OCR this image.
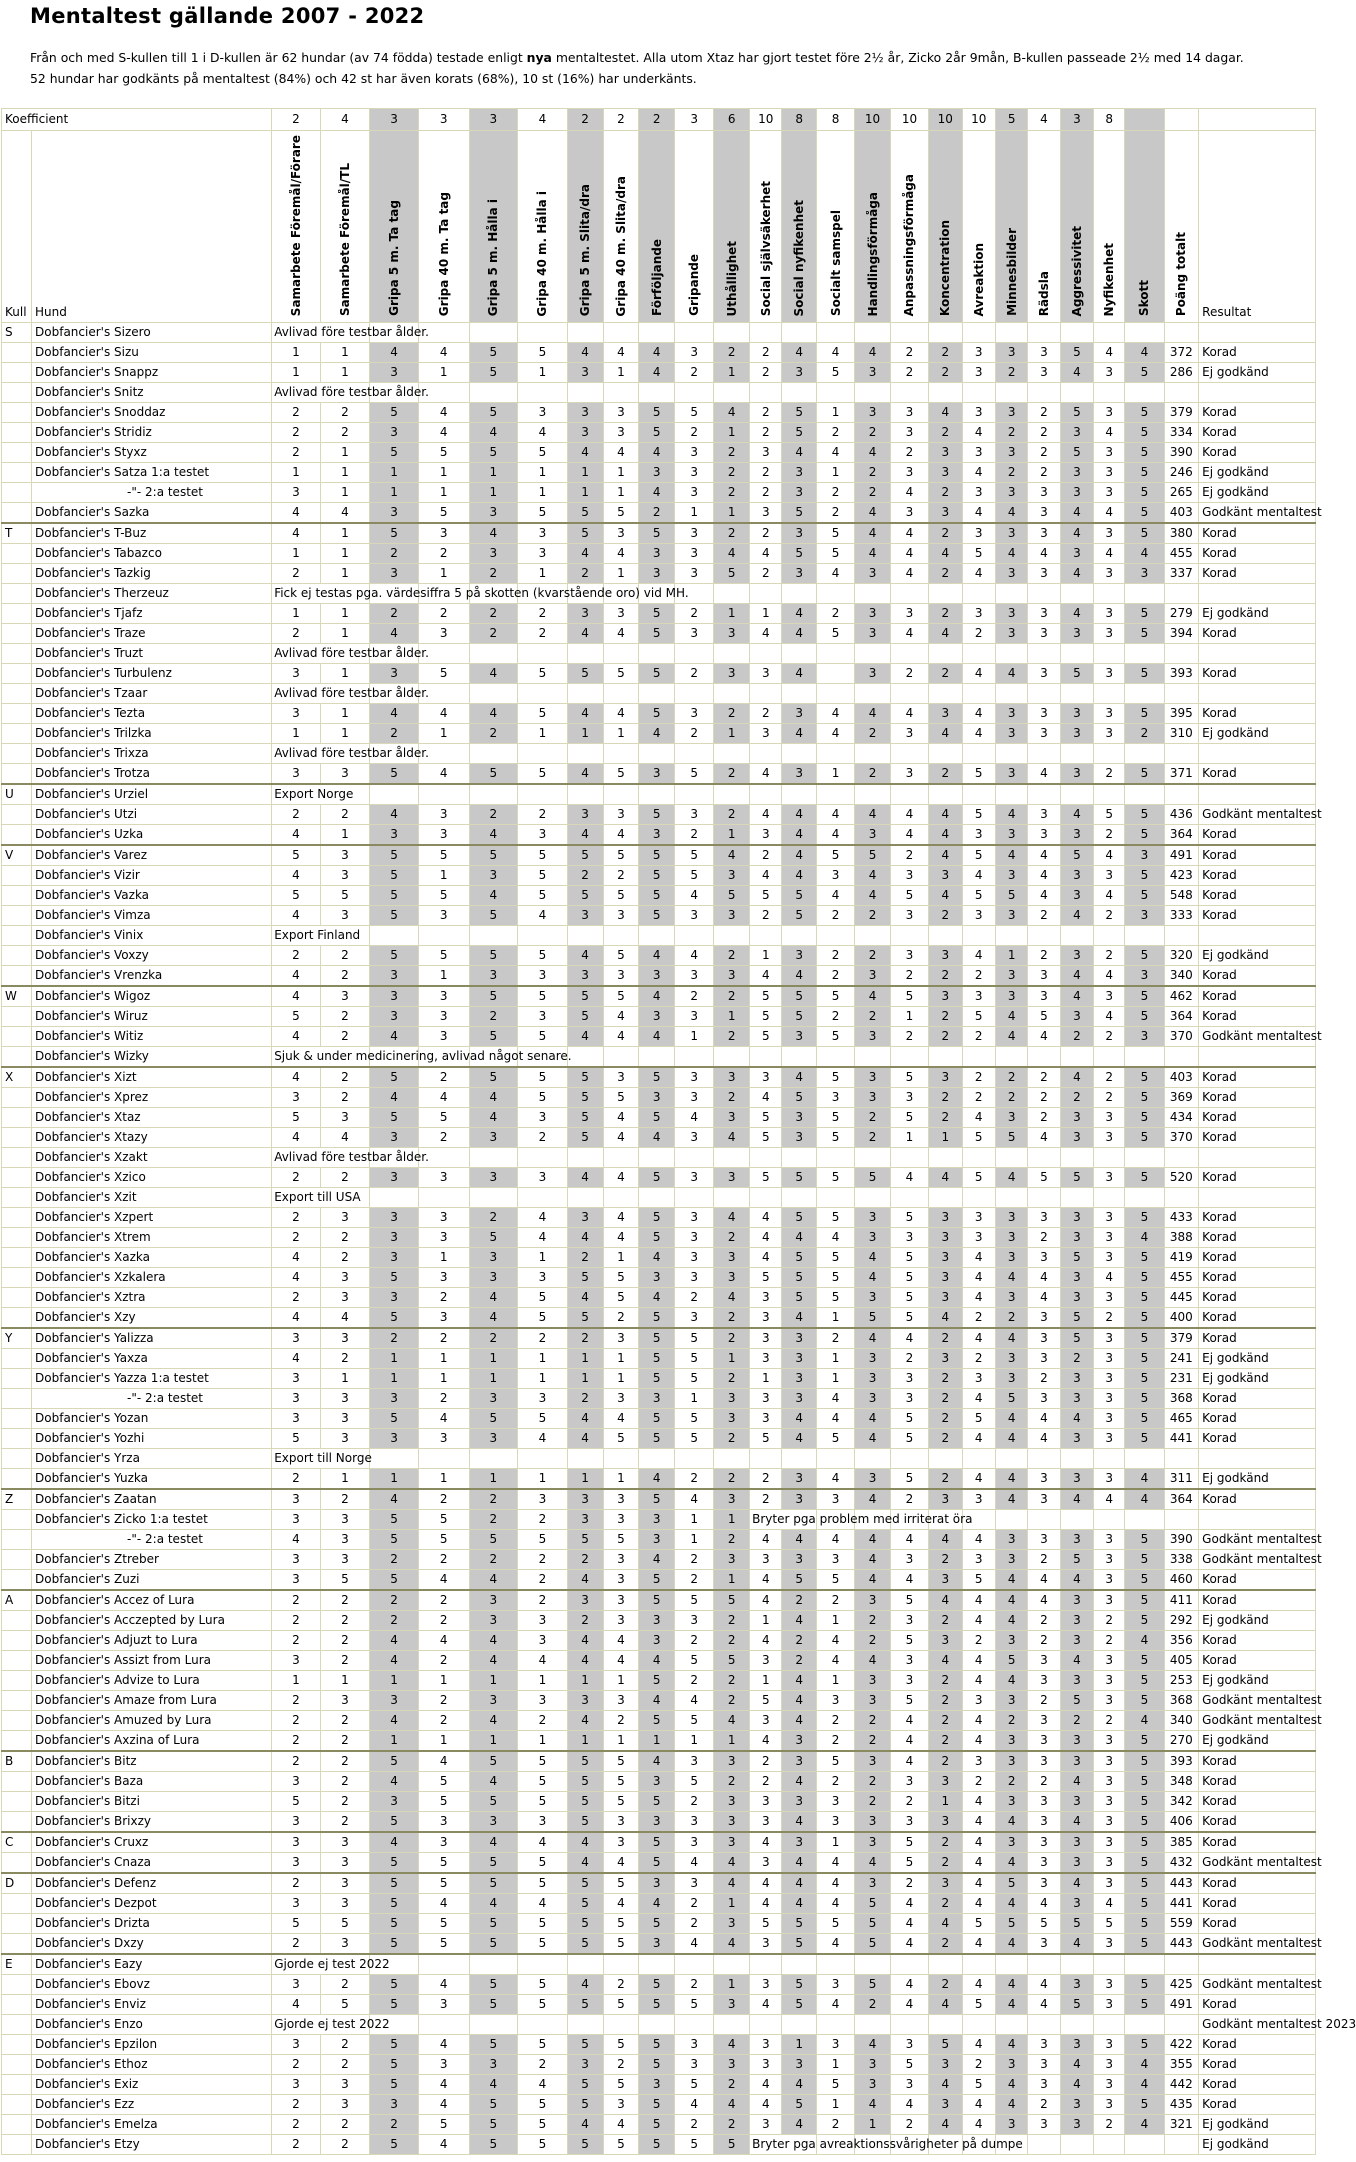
Mentaltest gällande 2007 - 2022
Från och med S-kullen till 1 i D-kullen är 62 hundar (av 74 födda) testade enligt nya mentaltestet. Alla utom Xtaz har gjort testet före 2½ år, Zicko 2år 9mån, B-kullen passeade 2½ med 14 dagar.
52 hundar har godkänts på mentaltest (84%) och 42 st har även korats (68%), 10 st (16%) har underkänts.
Koefficient		2	4	3	3	3	4	2	2	2	3	6	10	8	8	10	10	10	10	5	4	3	8			
Kull	Hund	Samarbete Föremål/Förare	Samarbete Föremål/TL	Gripa 5 m. Ta tag	Gripa 40 m. Ta tag	Gripa 5 m. Hålla i	Gripa 40 m. Hålla i	Gripa 5 m. Slita/dra	Gripa 40 m. Slita/dra	Förföljande	Gripande	Uthållighet	Social självsäkerhet	Social nyfikenhet	Socialt samspel	Handlingsförmåga	Anpassningsförmåga	Koncentration	Avreaktion	Minnesbilder	Rädsla	Aggressivitet	Nyfikenhet	Skott	Poäng totalt	Resultat
S	Dobfancier's Sizero	Avlivad före testbar ålder.																								
	Dobfancier's Sizu	1	1	4	4	5	5	4	4	4	3	2	2	4	4	4	2	2	3	3	3	5	4	4	372	Korad
	Dobfancier's Snappz	1	1	3	1	5	1	3	1	4	2	1	2	3	5	3	2	2	3	2	3	4	3	5	286	Ej godkänd
	Dobfancier's Snitz	Avlivad före testbar ålder.																								
	Dobfancier's Snoddaz	2	2	5	4	5	3	3	3	5	5	4	2	5	1	3	3	4	3	3	2	5	3	5	379	Korad
	Dobfancier's Stridiz	2	2	3	4	4	4	3	3	5	2	1	2	5	2	2	3	2	4	2	2	3	4	5	334	Korad
	Dobfancier's Styxz	2	1	5	5	5	5	4	4	4	3	2	3	4	4	4	2	3	3	3	2	5	3	5	390	Korad
	Dobfancier's Satza 1:a testet	1	1	1	1	1	1	1	1	3	3	2	2	3	1	2	3	3	4	2	2	3	3	5	246	Ej godkänd
	-"- 2:a testet	3	1	1	1	1	1	1	1	4	3	2	2	3	2	2	4	2	3	3	3	3	3	5	265	Ej godkänd
	Dobfancier's Sazka	4	4	3	5	3	5	5	5	2	1	1	3	5	2	4	3	3	4	4	3	4	4	5	403	Godkänt mentaltest
T	Dobfancier's T-Buz	4	1	5	3	4	3	5	3	5	3	2	2	3	5	4	4	2	3	3	3	4	3	5	380	Korad
	Dobfancier's Tabazco	1	1	2	2	3	3	4	4	3	3	4	4	5	5	4	4	4	5	4	4	3	4	4	455	Korad
	Dobfancier's Tazkig	2	1	3	1	2	1	2	1	3	3	5	2	3	4	3	4	2	4	3	3	4	3	3	337	Korad
	Dobfancier's Therzeuz	Fick ej testas pga. värdesiffra 5 på skotten (kvarstående oro) vid MH.																								
	Dobfancier's Tjafz	1	1	2	2	2	2	3	3	5	2	1	1	4	2	3	3	2	3	3	3	4	3	5	279	Ej godkänd
	Dobfancier's Traze	2	1	4	3	2	2	4	4	5	3	3	4	4	5	3	4	4	2	3	3	3	3	5	394	Korad
	Dobfancier's Truzt	Avlivad före testbar ålder.																								
	Dobfancier's Turbulenz	3	1	3	5	4	5	5	5	5	2	3	3	4		3	2	2	4	4	3	5	3	5	393	Korad
	Dobfancier's Tzaar	Avlivad före testbar ålder.																								
	Dobfancier's Tezta	3	1	4	4	4	5	4	4	5	3	2	2	3	4	4	4	3	4	3	3	3	3	5	395	Korad
	Dobfancier's Trilzka	1	1	2	1	2	1	1	1	4	2	1	3	4	4	2	3	4	4	3	3	3	3	2	310	Ej godkänd
	Dobfancier's Trixza	Avlivad före testbar ålder.																								
	Dobfancier's Trotza	3	3	5	4	5	5	4	5	3	5	2	4	3	1	2	3	2	5	3	4	3	2	5	371	Korad
U	Dobfancier's Urziel	Export Norge																								
	Dobfancier's Utzi	2	2	4	3	2	2	3	3	5	3	2	4	4	4	4	4	4	5	4	3	4	5	5	436	Godkänt mentaltest
	Dobfancier's Uzka	4	1	3	3	4	3	4	4	3	2	1	3	4	4	3	4	4	3	3	3	3	2	5	364	Korad
V	Dobfancier's Varez	5	3	5	5	5	5	5	5	5	5	4	2	4	5	5	2	4	5	4	4	5	4	3	491	Korad
	Dobfancier's Vizir	4	3	5	1	3	5	2	2	5	5	3	4	4	3	4	3	3	4	3	4	3	3	5	423	Korad
	Dobfancier's Vazka	5	5	5	5	4	5	5	5	5	4	5	5	5	4	4	5	4	5	5	4	3	4	5	548	Korad
	Dobfancier's Vimza	4	3	5	3	5	4	3	3	5	3	3	2	5	2	2	3	2	3	3	2	4	2	3	333	Korad
	Dobfancier's Vinix	Export Finland																								
	Dobfancier's Voxzy	2	2	5	5	5	5	4	5	4	4	2	1	3	2	2	3	3	4	1	2	3	2	5	320	Ej godkänd
	Dobfancier's Vrenzka	4	2	3	1	3	3	3	3	3	3	3	4	4	2	3	2	2	2	3	3	4	4	3	340	Korad
W	Dobfancier's Wigoz	4	3	3	3	5	5	5	5	4	2	2	5	5	5	4	5	3	3	3	3	4	3	5	462	Korad
	Dobfancier's Wiruz	5	2	3	3	2	3	5	4	3	3	1	5	5	2	2	1	2	5	4	5	3	4	5	364	Korad
	Dobfancier's Witiz	4	2	4	3	5	5	4	4	4	1	2	5	3	5	3	2	2	2	4	4	2	2	3	370	Godkänt mentaltest
	Dobfancier's Wizky	Sjuk & under medicinering, avlivad något senare.																								
X	Dobfancier's Xizt	4	2	5	2	5	5	5	3	5	3	3	3	4	5	3	5	3	2	2	2	4	2	5	403	Korad
	Dobfancier's Xprez	3	2	4	4	4	5	5	5	3	3	2	4	5	3	3	3	2	2	2	2	2	2	5	369	Korad
	Dobfancier's Xtaz	5	3	5	5	4	3	5	4	5	4	3	5	3	5	2	5	2	4	3	2	3	3	5	434	Korad
	Dobfancier's Xtazy	4	4	3	2	3	2	5	4	4	3	4	5	3	5	2	1	1	5	5	4	3	3	5	370	Korad
	Dobfancier's Xzakt	Avlivad före testbar ålder.																								
	Dobfancier's Xzico	2	2	3	3	3	3	4	4	5	3	3	5	5	5	5	4	4	5	4	5	5	3	5	520	Korad
	Dobfancier's Xzit	Export till USA																								
	Dobfancier's Xzpert	2	3	3	3	2	4	3	4	5	3	4	4	5	5	3	5	3	3	3	3	3	3	5	433	Korad
	Dobfancier's Xtrem	2	2	3	3	5	4	4	4	5	3	2	4	4	4	3	3	3	3	3	2	3	3	4	388	Korad
	Dobfancier's Xazka	4	2	3	1	3	1	2	1	4	3	3	4	5	5	4	5	3	4	3	3	5	3	5	419	Korad
	Dobfancier's Xzkalera	4	3	5	3	3	3	5	5	3	3	3	5	5	5	4	5	3	4	4	4	3	4	5	455	Korad
	Dobfancier's Xztra	2	3	3	2	4	5	4	5	4	2	4	3	5	5	3	5	3	4	3	4	3	3	5	445	Korad
	Dobfancier's Xzy	4	4	5	3	4	5	5	2	5	3	2	3	4	1	5	5	4	2	2	3	5	2	5	400	Korad
Y	Dobfancier's Yalizza	3	3	2	2	2	2	2	3	5	5	2	3	3	2	4	4	2	4	4	3	5	3	5	379	Korad
	Dobfancier's Yaxza	4	2	1	1	1	1	1	1	5	5	1	3	3	1	3	2	3	2	3	3	2	3	5	241	Ej godkänd
	Dobfancier's Yazza 1:a testet	3	1	1	1	1	1	1	1	5	5	2	1	3	1	3	3	2	3	3	2	3	3	5	231	Ej godkänd
	-"- 2:a testet	3	3	3	2	3	3	2	3	3	1	3	3	3	4	3	3	2	4	5	3	3	3	5	368	Korad
	Dobfancier's Yozan	3	3	5	4	5	5	4	4	5	5	3	3	4	4	4	5	2	5	4	4	4	3	5	465	Korad
	Dobfancier's Yozhi	5	3	3	3	3	4	4	5	5	5	2	5	4	5	4	5	2	4	4	4	3	3	5	441	Korad
	Dobfancier's Yrza	Export till Norge																								
	Dobfancier's Yuzka	2	1	1	1	1	1	1	1	4	2	2	2	3	4	3	5	2	4	4	3	3	3	4	311	Ej godkänd
Z	Dobfancier's Zaatan	3	2	4	2	2	3	3	3	5	4	3	2	3	3	4	2	3	3	4	3	4	4	4	364	Korad
	Dobfancier's Zicko 1:a testet	3	3	5	5	2	2	3	3	3	1	1	Bryter pga problem med irriterat öra													
	-"- 2:a testet	4	3	5	5	5	5	5	5	3	1	2	4	4	4	4	4	4	4	3	3	3	3	5	390	Godkänt mentaltest
	Dobfancier's Ztreber	3	3	2	2	2	2	2	3	4	2	3	3	3	3	4	3	2	3	3	2	5	3	5	338	Godkänt mentaltest
	Dobfancier's Zuzi	3	5	5	4	4	2	4	3	5	2	1	4	5	5	4	4	3	5	4	4	4	3	5	460	Korad
A	Dobfancier's Accez of Lura	2	2	2	2	3	2	3	3	5	5	5	4	2	2	3	5	4	4	4	4	3	3	5	411	Korad
	Dobfancier's Acczepted by Lura	2	2	2	2	3	3	2	3	3	3	2	1	4	1	2	3	2	4	4	2	3	2	5	292	Ej godkänd
	Dobfancier's Adjuzt to Lura	2	2	4	4	4	3	4	4	3	2	2	4	2	4	2	5	3	2	3	2	3	2	4	356	Korad
	Dobfancier's Assizt from Lura	3	2	4	2	4	4	4	4	4	5	5	3	2	4	4	3	4	4	5	3	4	3	5	405	Korad
	Dobfancier's Advize to Lura	1	1	1	1	1	1	1	1	5	2	2	1	4	1	3	3	2	4	4	3	3	3	5	253	Ej godkänd
	Dobfancier's Amaze from Lura	2	3	3	2	3	3	3	3	4	4	2	5	4	3	3	5	2	3	3	2	5	3	5	368	Godkänt mentaltest
	Dobfancier's Amuzed by Lura	2	2	4	2	4	2	4	2	5	5	4	3	4	2	2	4	2	4	2	3	2	2	4	340	Godkänt mentaltest
	Dobfancier's Axzina of Lura	2	2	1	1	1	1	1	1	1	1	1	4	3	2	2	4	2	4	3	3	3	3	5	270	Ej godkänd
B	Dobfancier's Bitz	2	2	5	4	5	5	5	5	4	3	3	2	3	5	3	4	2	3	3	3	3	3	5	393	Korad
	Dobfancier's Baza	3	2	4	5	4	5	5	5	3	5	2	2	4	2	2	3	3	2	2	2	4	3	5	348	Korad
	Dobfancier's Bitzi	5	2	3	5	5	5	5	5	5	2	3	3	3	3	2	2	1	4	3	3	3	3	5	342	Korad
	Dobfancier's Brixzy	3	2	5	3	3	3	5	3	3	3	3	3	4	3	3	3	3	4	4	3	4	3	5	406	Korad
C	Dobfancier's Cruxz	3	3	4	3	4	4	4	3	5	3	3	4	3	1	3	5	2	4	3	3	3	3	5	385	Korad
	Dobfancier's Cnaza	3	3	5	5	5	5	4	4	5	4	4	3	4	4	4	5	2	4	4	3	3	3	5	432	Godkänt mentaltest
D	Dobfancier's Defenz	2	3	5	5	5	5	5	5	3	3	4	4	4	4	3	2	3	4	5	3	4	3	5	443	Korad
	Dobfancier's Dezpot	3	3	5	4	4	4	5	4	4	2	1	4	4	4	5	4	2	4	4	4	3	4	5	441	Korad
	Dobfancier's Drizta	5	5	5	5	5	5	5	5	5	2	3	5	5	5	5	4	4	5	5	5	5	5	5	559	Korad
	Dobfancier's Dxzy	2	3	5	5	5	5	5	5	3	4	4	3	5	4	5	4	2	4	4	3	4	3	5	443	Godkänt mentaltest
E	Dobfancier's Eazy	Gjorde ej test 2022																								
	Dobfancier's Ebovz	3	2	5	4	5	5	4	2	5	2	1	3	5	3	5	4	2	4	4	4	3	3	5	425	Godkänt mentaltest
	Dobfancier's Enviz	4	5	5	3	5	5	5	5	5	5	3	4	5	4	2	4	4	5	4	4	5	3	5	491	Korad
	Dobfancier's Enzo	Gjorde ej test 2022																								Godkänt mentaltest 2023
	Dobfancier's Epzilon	3	2	5	4	5	5	5	5	5	3	4	3	1	3	4	3	5	4	4	3	3	3	5	422	Korad
	Dobfancier's Ethoz	2	2	5	3	3	2	3	2	5	3	3	3	3	1	3	5	3	2	3	3	4	3	4	355	Korad
	Dobfancier's Exiz	3	3	5	4	4	4	5	5	3	5	2	4	4	5	3	3	4	5	4	3	4	3	4	442	Korad
	Dobfancier's Ezz	2	3	3	4	5	5	5	3	5	4	4	4	5	1	4	4	3	4	4	2	3	3	5	435	Korad
	Dobfancier's Emelza	2	2	2	5	5	5	4	4	5	2	2	3	4	2	1	2	4	4	3	3	3	2	4	321	Ej godkänd
	Dobfancier's Etzy	2	2	5	4	5	5	5	5	5	5	5	Bryter pga avreaktionssvårigheter på dumpe													Ej godkänd
